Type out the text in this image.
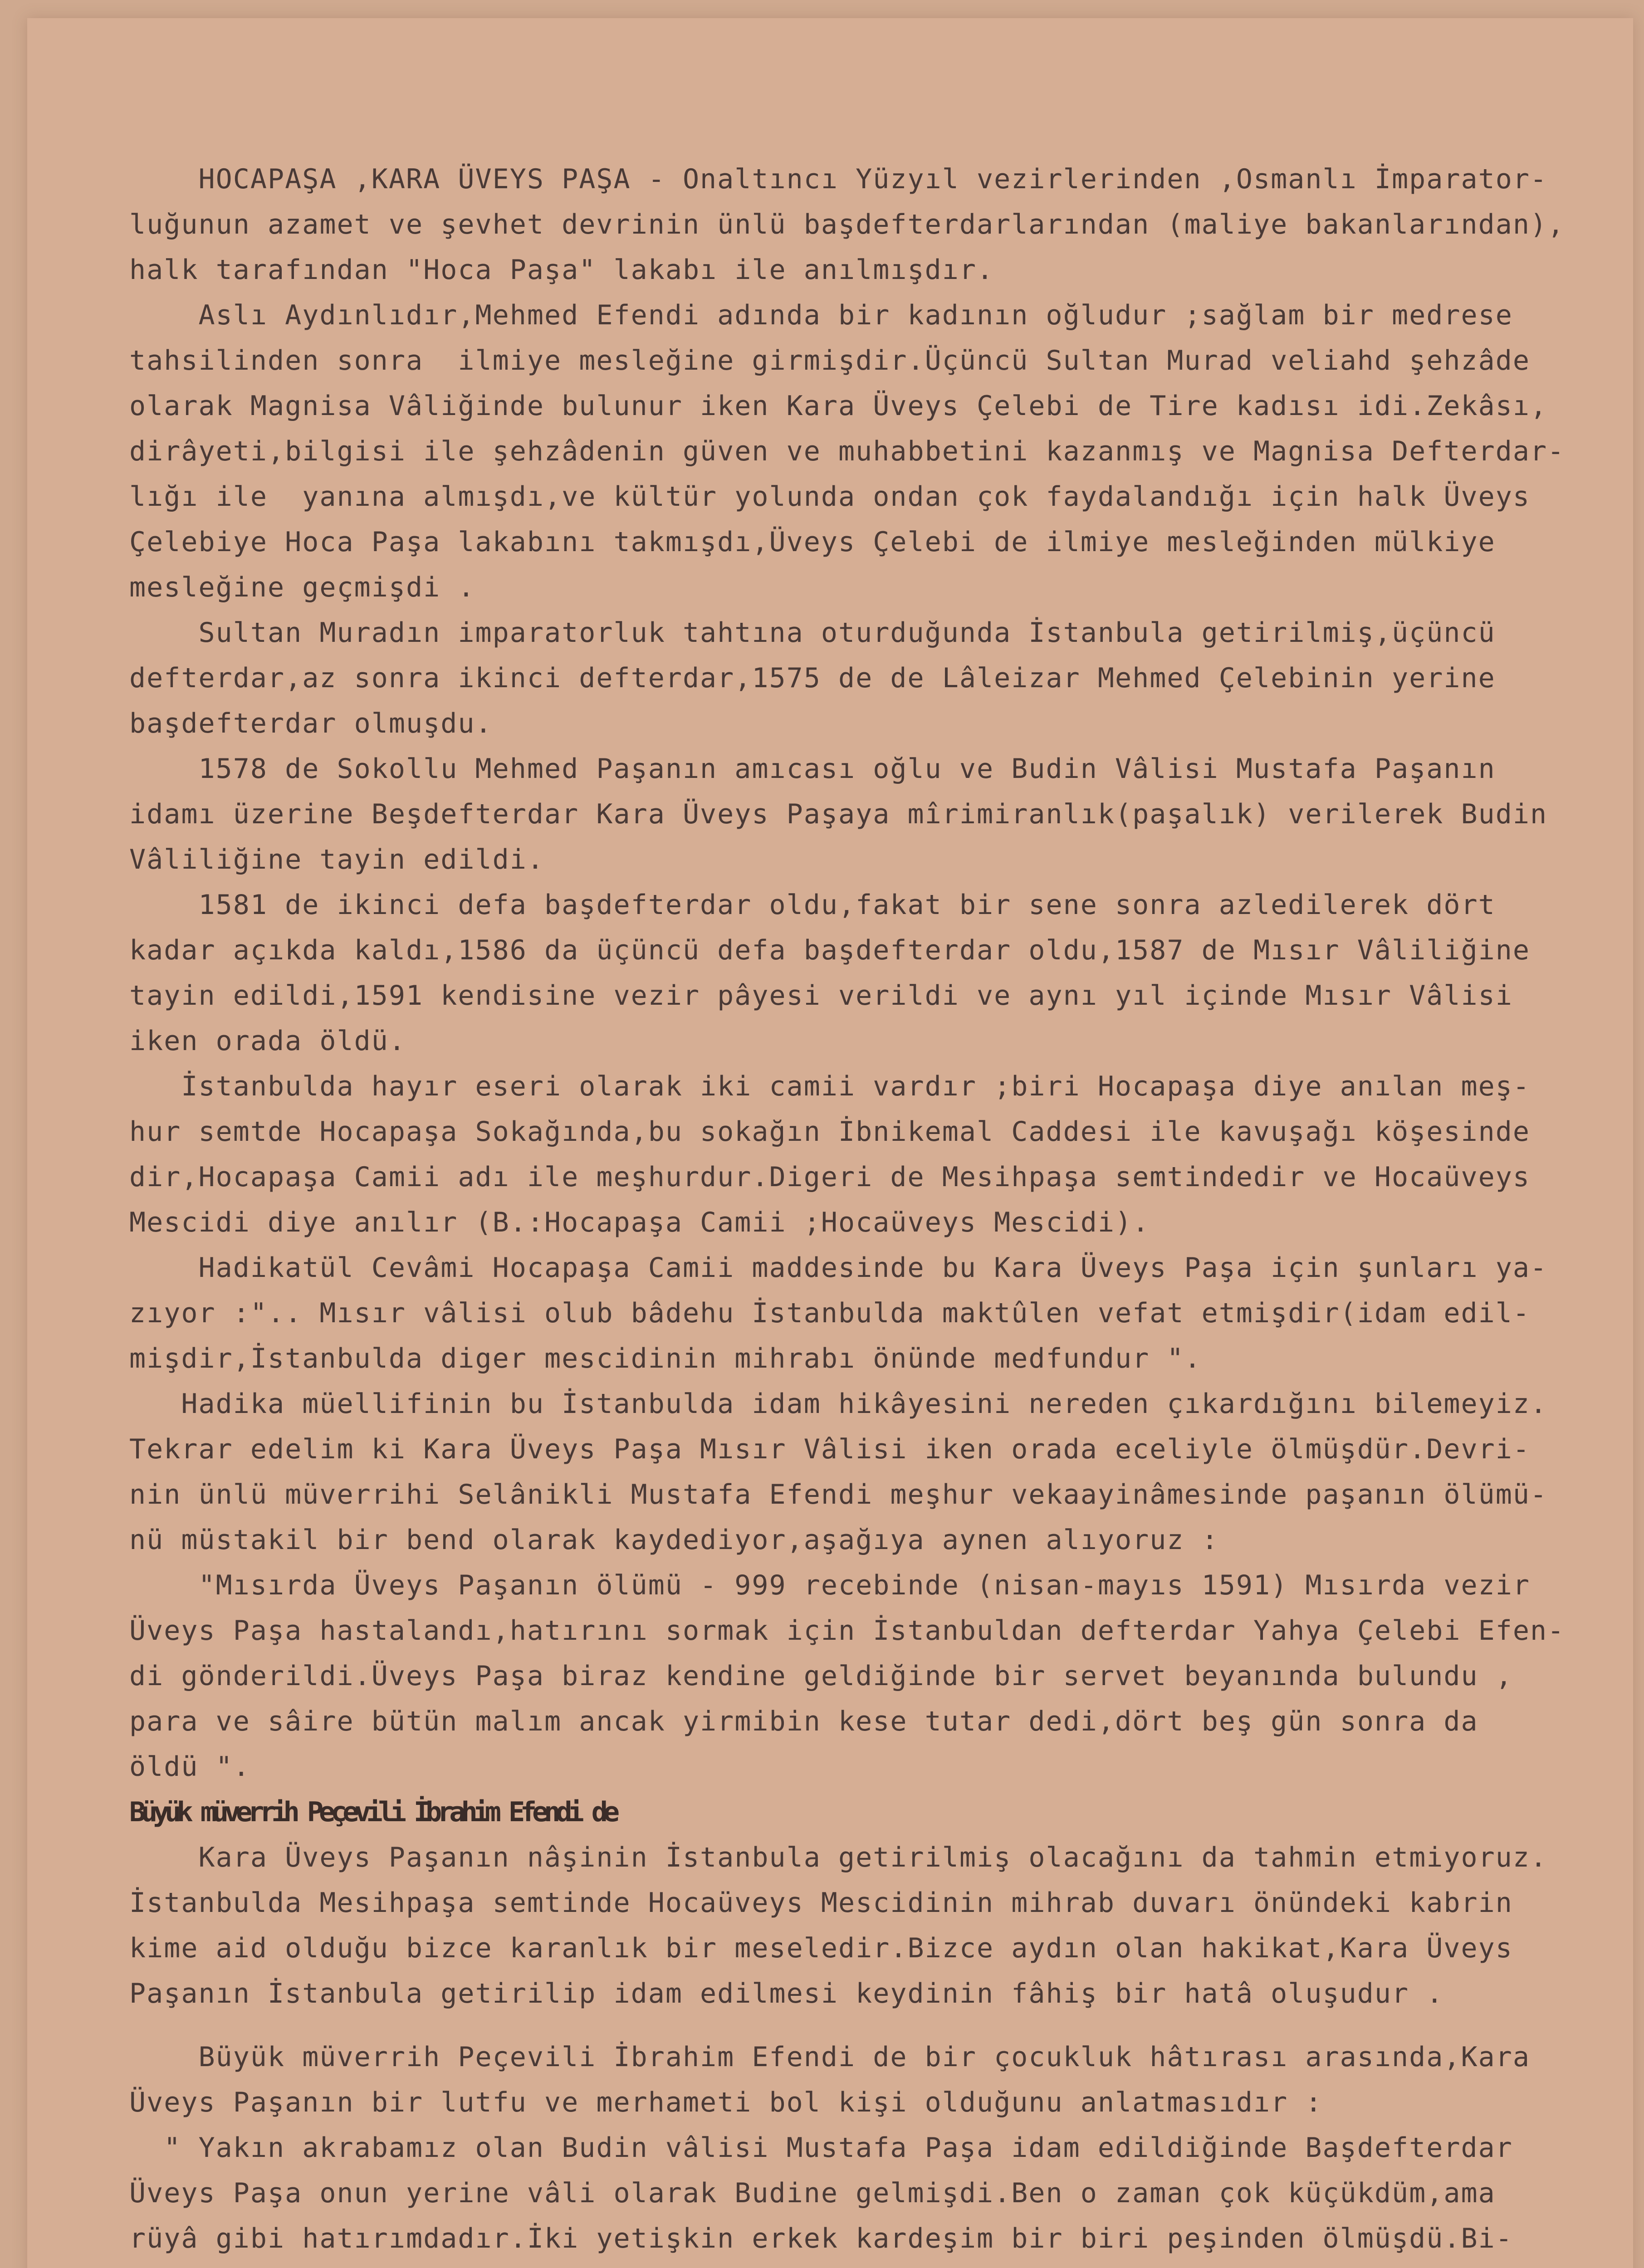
HOCAPAŞA ,KARA ÜVEYS PAŞA - Onaltıncı Yüzyıl vezirlerinden ,Osmanlı İmparator-
luğunun azamet ve şevhet devrinin ünlü başdefterdarlarından (maliye bakanlarından),
halk tarafından "Hoca Paşa" lakabı ile anılmışdır.
Aslı Aydınlıdır,Mehmed Efendi adında bir kadının oğludur ;sağlam bir medrese
tahsilinden sonra  ilmiye mesleğine girmişdir.Üçüncü Sultan Murad veliahd şehzâde
olarak Magnisa Vâliğinde bulunur iken Kara Üveys Çelebi de Tire kadısı idi.Zekâsı,
dirâyeti,bilgisi ile şehzâdenin güven ve muhabbetini kazanmış ve Magnisa Defterdar-
lığı ile  yanına almışdı,ve kültür yolunda ondan çok faydalandığı için halk Üveys
Çelebiye Hoca Paşa lakabını takmışdı,Üveys Çelebi de ilmiye mesleğinden mülkiye
mesleğine geçmişdi .
Sultan Muradın imparatorluk tahtına oturduğunda İstanbula getirilmiş,üçüncü
defterdar,az sonra ikinci defterdar,1575 de de Lâleizar Mehmed Çelebinin yerine
başdefterdar olmuşdu.
1578 de Sokollu Mehmed Paşanın amıcası oğlu ve Budin Vâlisi Mustafa Paşanın
idamı üzerine Beşdefterdar Kara Üveys Paşaya mîrimiranlık(paşalık) verilerek Budin
Vâliliğine tayin edildi.
1581 de ikinci defa başdefterdar oldu,fakat bir sene sonra azledilerek dört
kadar açıkda kaldı,1586 da üçüncü defa başdefterdar oldu,1587 de Mısır Vâliliğine
tayin edildi,1591 kendisine vezir pâyesi verildi ve aynı yıl içinde Mısır Vâlisi
iken orada öldü.
İstanbulda hayır eseri olarak iki camii vardır ;biri Hocapaşa diye anılan meş-
hur semtde Hocapaşa Sokağında,bu sokağın İbnikemal Caddesi ile kavuşağı köşesinde
dir,Hocapaşa Camii adı ile meşhurdur.Digeri de Mesihpaşa semtindedir ve Hocaüveys
Mescidi diye anılır (B.:Hocapaşa Camii ;Hocaüveys Mescidi).
Hadikatül Cevâmi Hocapaşa Camii maddesinde bu Kara Üveys Paşa için şunları ya-
zıyor :".. Mısır vâlisi olub bâdehu İstanbulda maktûlen vefat etmişdir(idam edil-
mişdir,İstanbulda diger mescidinin mihrabı önünde medfundur ".
Hadika müellifinin bu İstanbulda idam hikâyesini nereden çıkardığını bilemeyiz.
Tekrar edelim ki Kara Üveys Paşa Mısır Vâlisi iken orada eceliyle ölmüşdür.Devri-
nin ünlü müverrihi Selânikli Mustafa Efendi meşhur vekaayinâmesinde paşanın ölümü-
nü müstakil bir bend olarak kaydediyor,aşağıya aynen alıyoruz :
"Mısırda Üveys Paşanın ölümü - 999 recebinde (nisan-mayıs 1591) Mısırda vezir
Üveys Paşa hastalandı,hatırını sormak için İstanbuldan defterdar Yahya Çelebi Efen-
di gönderildi.Üveys Paşa biraz kendine geldiğinde bir servet beyanında bulundu ,
para ve sâire bütün malım ancak yirmibin kese tutar dedi,dört beş gün sonra da
öldü ".
Büyük müverrih Peçevili İbrahim Efendi de
Kara Üveys Paşanın nâşinin İstanbula getirilmiş olacağını da tahmin etmiyoruz.
İstanbulda Mesihpaşa semtinde Hocaüveys Mescidinin mihrab duvarı önündeki kabrin
kime aid olduğu bizce karanlık bir meseledir.Bizce aydın olan hakikat,Kara Üveys
Paşanın İstanbula getirilip idam edilmesi keydinin fâhiş bir hatâ oluşudur .
Büyük müverrih Peçevili İbrahim Efendi de bir çocukluk hâtırası arasında,Kara
Üveys Paşanın bir lutfu ve merhameti bol kişi olduğunu anlatmasıdır :
" Yakın akrabamız olan Budin vâlisi Mustafa Paşa idam edildiğinde Başdefterdar
Üveys Paşa onun yerine vâli olarak Budine gelmişdi.Ben o zaman çok küçükdüm,ama
rüyâ gibi hatırımdadır.İki yetişkin erkek kardeşim bir biri peşinden ölmüşdü.Bi-
